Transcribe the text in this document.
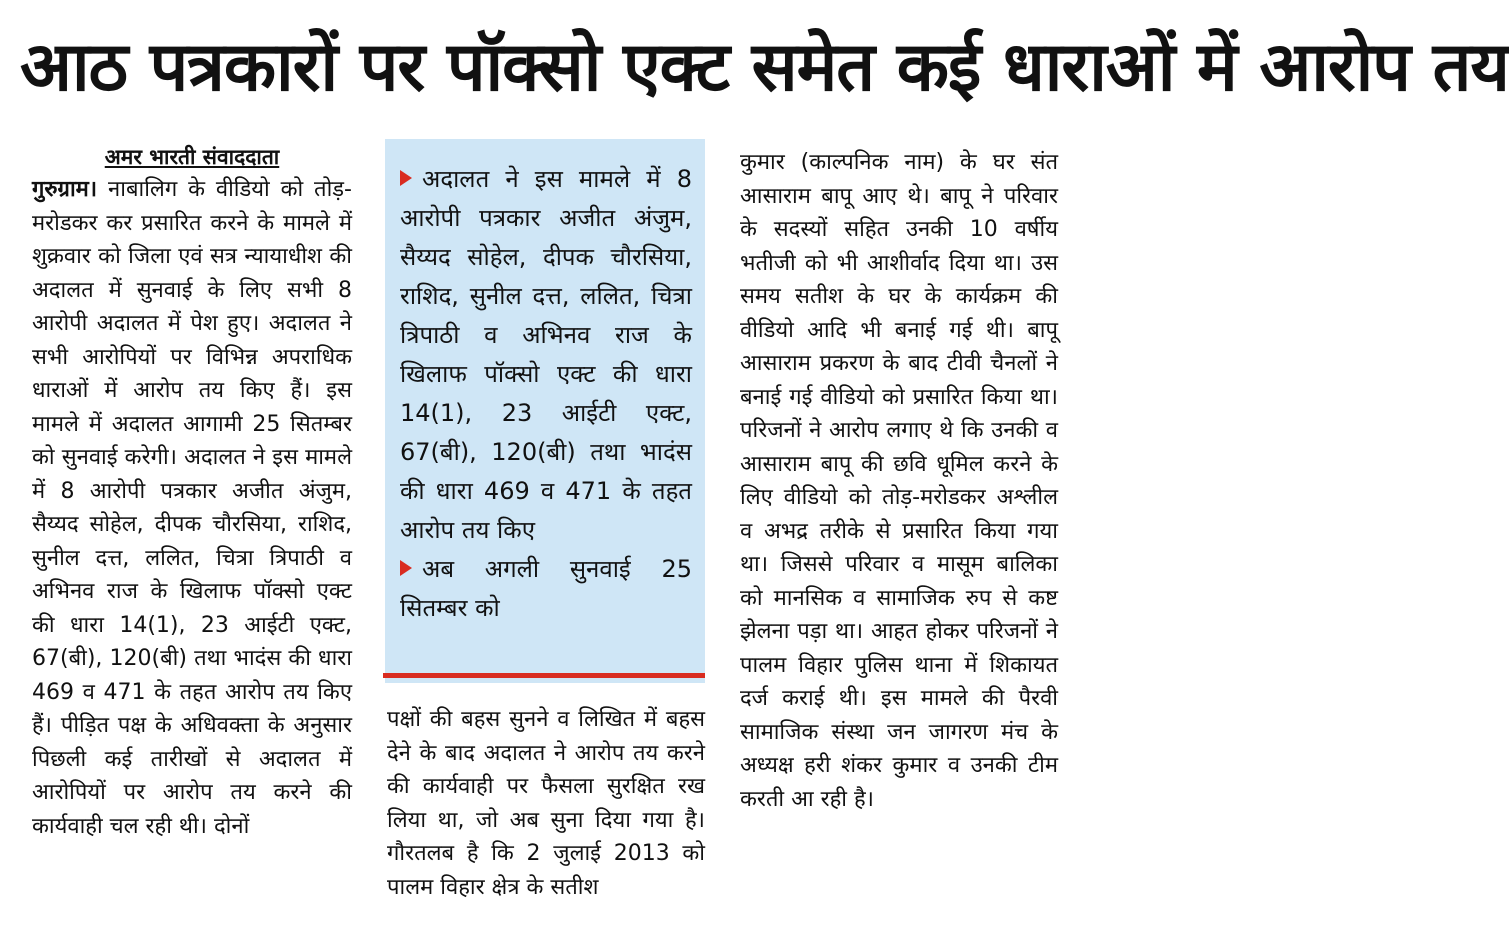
आठ पत्रकारों पर पॉक्सो एक्ट समेत कई धाराओं में आरोप तय
अमर भारती संवाददाता

गुरुग्राम। नाबालिग के वीडियो को तोड़-मरोडकर कर प्रसारित करने के मामले में शुक्रवार को जिला एवं सत्र न्यायाधीश की अदालत में सुनवाई के लिए सभी 8 आरोपी अदालत में पेश हुए। अदालत ने सभी आरोपियों पर विभिन्न अपराधिक धाराओं में आरोप तय किए हैं। इस मामले में अदालत आगामी 25 सितम्बर को सुनवाई करेगी। अदालत ने इस मामले में 8 आरोपी पत्रकार अजीत अंजुम, सैय्यद सोहेल, दीपक चौरसिया, राशिद, सुनील दत्त, ललित, चित्रा त्रिपाठी व अभिनव राज के खिलाफ पॉक्सो एक्ट की धारा 14(1), 23 आईटी एक्ट, 67(बी), 120(बी) तथा भादंस की धारा 469 व 471 के तहत आरोप तय किए हैं। पीड़ित पक्ष के अधिवक्ता के अनुसार पिछली कई तारीखों से अदालत में आरोपियों पर आरोप तय करने की कार्यवाही चल रही थी। दोनों

अदालत ने इस मामले में 8 आरोपी पत्रकार अजीत अंजुम, सैय्यद सोहेल, दीपक चौरसिया, राशिद, सुनील दत्त, ललित, चित्रा त्रिपाठी व अभिनव राज के खिलाफ पॉक्सो एक्ट की धारा 14(1), 23 आईटी एक्ट, 67(बी), 120(बी) तथा भादंस की धारा 469 व 471 के तहत आरोप तय किए

अब अगली सुनवाई 25 सितम्बर को

पक्षों की बहस सुनने व लिखित में बहस देने के बाद अदालत ने आरोप तय करने की कार्यवाही पर फैसला सुरक्षित रख लिया था, जो अब सुना दिया गया है। गौरतलब है कि 2 जुलाई 2013 को पालम विहार क्षेत्र के सतीश

कुमार (काल्पनिक नाम) के घर संत आसाराम बापू आए थे। बापू ने परिवार के सदस्यों सहित उनकी 10 वर्षीय भतीजी को भी आशीर्वाद दिया था। उस समय सतीश के घर के कार्यक्रम की वीडियो आदि भी बनाई गई थी। बापू आसाराम प्रकरण के बाद टीवी चैनलों ने बनाई गई वीडियो को प्रसारित किया था। परिजनों ने आरोप लगाए थे कि उनकी व आसाराम बापू की छवि धूमिल करने के लिए वीडियो को तोड़-मरोडकर अश्लील व अभद्र तरीके से प्रसारित किया गया था। जिससे परिवार व मासूम बालिका को मानसिक व सामाजिक रुप से कष्ट झेलना पड़ा था। आहत होकर परिजनों ने पालम विहार पुलिस थाना में शिकायत दर्ज कराई थी। इस मामले की पैरवी सामाजिक संस्था जन जागरण मंच के अध्यक्ष हरी शंकर कुमार व उनकी टीम करती आ रही है।
